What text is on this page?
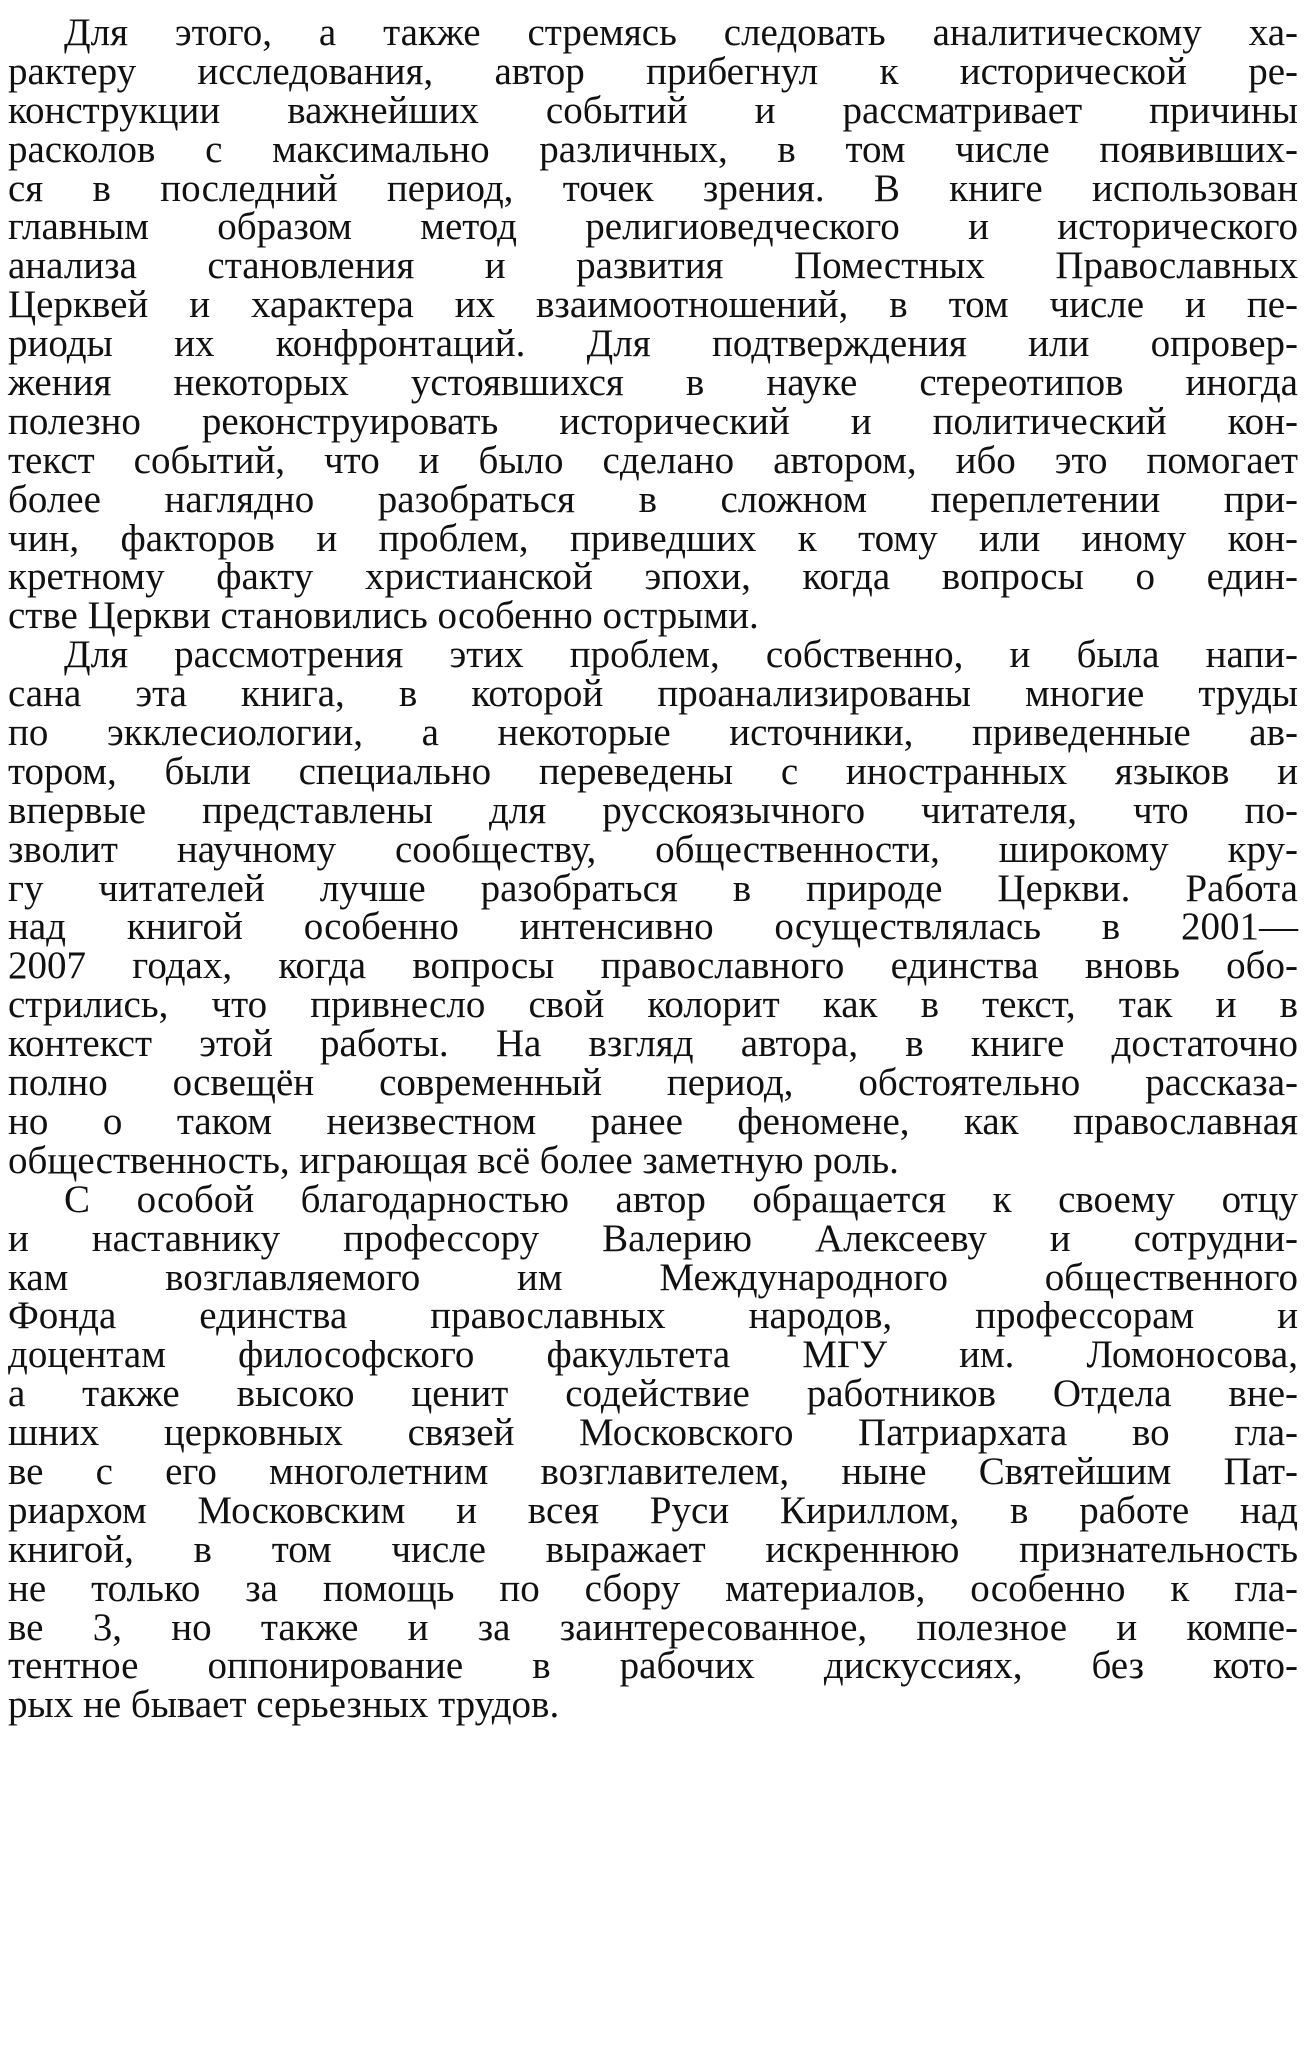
Для этого, а также стремясь следовать аналитическому ха-
рактеру исследования, автор прибегнул к исторической ре-
конструкции важнейших событий и рассматривает причины
расколов с максимально различных, в том числе появивших-
ся в последний период, точек зрения. В книге использован
главным образом метод религиоведческого и исторического
анализа становления и развития Поместных Православных
Церквей и характера их взаимоотношений, в том числе и пе-
риоды их конфронтаций. Для подтверждения или опровер-
жения некоторых устоявшихся в науке стереотипов иногда
полезно реконструировать исторический и политический кон-
текст событий, что и было сделано автором, ибо это помогает
более наглядно разобраться в сложном переплетении при-
чин, факторов и проблем, приведших к тому или иному кон-
кретному факту христианской эпохи, когда вопросы о един-
стве Церкви становились особенно острыми.
Для рассмотрения этих проблем, собственно, и была напи-
сана эта книга, в которой проанализированы многие труды
по экклесиологии, а некоторые источники, приведенные ав-
тором, были специально переведены с иностранных языков и
впервые представлены для русскоязычного читателя, что по-
зволит научному сообществу, общественности, широкому кру-
гу читателей лучше разобраться в природе Церкви. Работа
над книгой особенно интенсивно осуществлялась в 2001—
2007 годах, когда вопросы православного единства вновь обо-
стрились, что привнесло свой колорит как в текст, так и в
контекст этой работы. На взгляд автора, в книге достаточно
полно освещён современный период, обстоятельно рассказа-
но о таком неизвестном ранее феномене, как православная
общественность, играющая всё более заметную роль.
С особой благодарностью автор обращается к своему отцу
и наставнику профессору Валерию Алексееву и сотрудни-
кам возглавляемого им Международного общественного
Фонда единства православных народов, профессорам и
доцентам философского факультета МГУ им. Ломоносова,
а также высоко ценит содействие работников Отдела вне-
шних церковных связей Московского Патриархата во гла-
ве с его многолетним возглавителем, ныне Святейшим Пат-
риархом Московским и всея Руси Кириллом, в работе над
книгой, в том числе выражает искреннюю признательность
не только за помощь по сбору материалов, особенно к гла-
ве 3, но также и за заинтересованное, полезное и компе-
тентное оппонирование в рабочих дискуссиях, без кото-
рых не бывает серьезных трудов.
